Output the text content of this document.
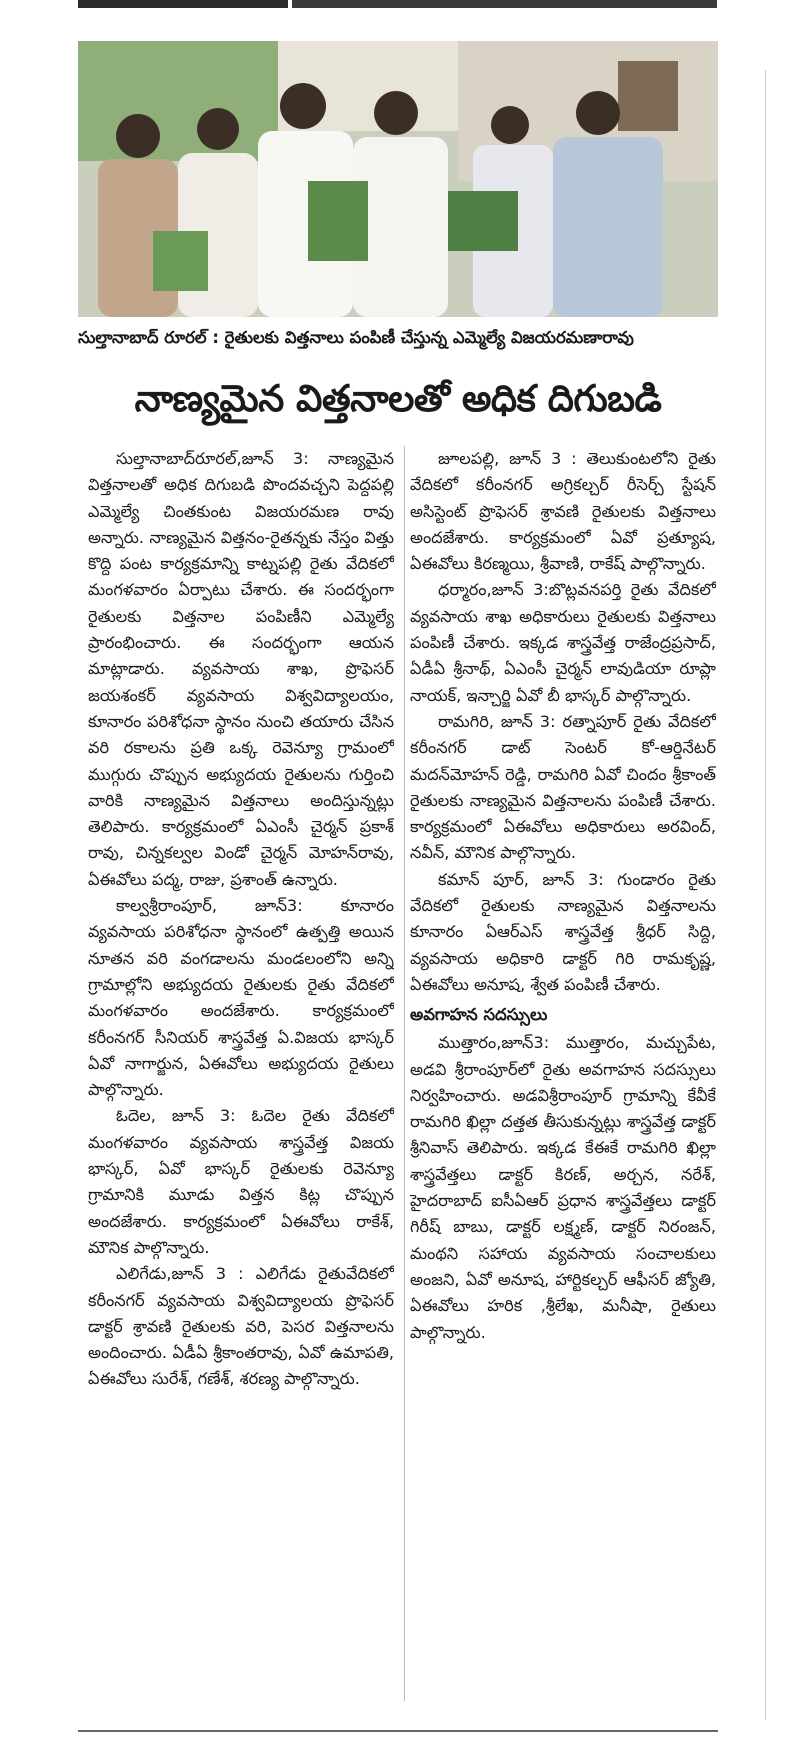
సుల్తానాబాద్ రూరల్ : రైతులకు విత్తనాలు పంపిణీ చేస్తున్న ఎమ్మెల్యే విజయరమణారావు
నాణ్యమైన విత్తనాలతో అధిక దిగుబడి

సుల్తానాబాద్‌రూరల్‌,జూన్‌ 3: నాణ్యమైన విత్తనాలతో అధిక దిగుబడి పొందవచ్చని పెద్దపల్లి ఎమ్మెల్యే చింతకుంట విజయరమణ రావు అన్నారు. నాణ్యమైన విత్తనం-రైతన్నకు నేస్తం విత్తు కొద్ది పంట కార్యక్రమాన్ని కాట్నపల్లి రైతు వేదికలో మంగళవారం ఏర్పాటు చేశారు. ఈ సందర్భంగా రైతులకు విత్తనాల పంపిణీని ఎమ్మెల్యే ప్రారంభించారు. ఈ సందర్భంగా ఆయన మాట్లాడారు. వ్యవసాయ శాఖ, ప్రొఫెసర్‌ జయశంకర్‌ వ్యవసాయ విశ్వవిద్యాలయం, కూనారం పరిశోధనా స్థానం నుంచి తయారు చేసిన వరి రకాలను ప్రతి ఒక్క రెవెన్యూ గ్రామంలో ముగ్గురు చొప్పున అభ్యుదయ రైతులను గుర్తించి వారికి నాణ్యమైన విత్తనాలు అందిస్తున్నట్లు తెలిపారు. కార్యక్రమంలో ఏఎంసీ చైర్మన్‌ ప్రకాశ్‌ రావు, చిన్నకల్వల విండో చైర్మన్‌ మోహన్‌రావు, ఏఈవోలు పద్మ, రాజు, ప్రశాంత్‌ ఉన్నారు.

కాల్వశ్రీరాంపూర్‌, జూన్‌3: కూనారం వ్యవసాయ పరిశోధనా స్థానంలో ఉత్పత్తి అయిన నూతన వరి వంగడాలను మండలంలోని అన్ని గ్రామాల్లోని అభ్యుదయ రైతులకు రైతు వేదికలో మంగళవారం అందజేశారు. కార్యక్రమంలో కరీంనగర్‌ సీనియర్‌ శాస్త్రవేత్త ఏ.విజయ భాస్కర్‌ ఏవో నాగార్జున, ఏఈవోలు అభ్యుదయ రైతులు పాల్గొన్నారు.

ఓదెల, జూన్‌ 3: ఓదెల రైతు వేదికలో మంగళవారం వ్యవసాయ శాస్త్రవేత్త విజయ భాస్కర్‌, ఏవో భాస్కర్‌ రైతులకు రెవెన్యూ గ్రామానికి మూడు విత్తన కిట్ల చొప్పున అందజేశారు. కార్యక్రమంలో ఏఈవోలు రాకేశ్‌, మౌనిక పాల్గొన్నారు.

ఎలిగేడు,జూన్‌ 3 : ఎలిగేడు రైతువేదికలో కరీంనగర్‌ వ్యవసాయ విశ్వవిద్యాలయ ప్రొఫెసర్‌ డాక్టర్‌ శ్రావణి రైతులకు వరి, పెసర విత్తనాలను అందించారు. ఏడీఏ శ్రీకాంతరావు, ఏవో ఉమాపతి, ఏఈవోలు సురేశ్‌, గణేశ్‌, శరణ్య పాల్గొన్నారు.

జూలపల్లి, జూన్‌ 3 : తెలుకుంటలోని రైతు వేదికలో కరీంనగర్‌ అగ్రికల్చర్‌ రీసెర్చ్‌ స్టేషన్‌ అసిస్టెంట్‌ ప్రొఫెసర్‌ శ్రావణి రైతులకు విత్తనాలు అందజేశారు. కార్యక్రమంలో ఏవో ప్రత్యూష, ఏఈవోలు కిరణ్మయి, శ్రీవాణి, రాకేష్‌ పాల్గొన్నారు.

ధర్మారం,జూన్‌ 3:బొట్లవనపర్తి రైతు వేదికలో వ్యవసాయ శాఖ అధికారులు రైతులకు విత్తనాలు పంపిణీ చేశారు. ఇక్కడ శాస్త్రవేత్త రాజేంద్రప్రసాద్‌, ఏడీఏ శ్రీనాథ్‌, ఏఎంసీ చైర్మన్‌ లావుడియా రూప్లా నాయక్‌, ఇన్చార్జి ఏవో బీ భాస్కర్‌ పాల్గొన్నారు.

రామగిరి, జూన్‌ 3: రత్నాపూర్‌ రైతు వేదికలో కరీంనగర్‌ డాట్‌ సెంటర్‌ కో-ఆర్డినేటర్‌ మదన్‌మోహన్‌ రెడ్డి, రామగిరి ఏవో చిందం శ్రీకాంత్‌ రైతులకు నాణ్యమైన విత్తనాలను పంపిణీ చేశారు. కార్యక్రమంలో ఏఈవోలు అధికారులు అరవింద్‌, నవీన్‌, మౌనిక పాల్గొన్నారు.

కమాన్‌ పూర్‌, జూన్‌ 3: గుండారం రైతు వేదికలో రైతులకు నాణ్యమైన విత్తనాలను కూనారం ఏఆర్‌ఎస్‌ శాస్త్రవేత్త శ్రీధర్‌ సిద్ది, వ్యవసాయ అధికారి డాక్టర్‌ గిరి రామకృష్ణ, ఏఈవోలు అనూష, శ్వేత పంపిణీ చేశారు.

అవగాహన సదస్సులు

ముత్తారం,జూన్‌3: ముత్తారం, మచ్చుపేట, అడవి శ్రీరాంపూర్‌లో రైతు అవగాహన సదస్సులు నిర్వహించారు. అడవిశ్రీరాంపూర్‌ గ్రామాన్ని కేవీకే రామగిరి ఖిల్లా దత్తత తీసుకున్నట్లు శాస్త్రవేత్త డాక్టర్‌ శ్రీనివాస్‌ తెలిపారు. ఇక్కడ కేఈకే రామగిరి ఖిల్లా శాస్త్రవేత్తలు డాక్టర్‌ కిరణ్‌, అర్చన, నరేశ్‌, హైదరాబాద్‌ ఐసీఏఆర్‌ ప్రధాన శాస్త్రవేత్తలు డాక్టర్‌ గిరీష్‌ బాబు, డాక్టర్‌ లక్ష్మణ్‌, డాక్టర్‌ నిరంజన్‌, మంథని సహాయ వ్యవసాయ సంచాలకులు అంజని, ఏవో అనూష, హార్టికల్చర్‌ ఆఫీసర్‌ జ్యోతి, ఏఈవోలు హరిక ,శ్రీలేఖ, మనీషా, రైతులు పాల్గొన్నారు.
